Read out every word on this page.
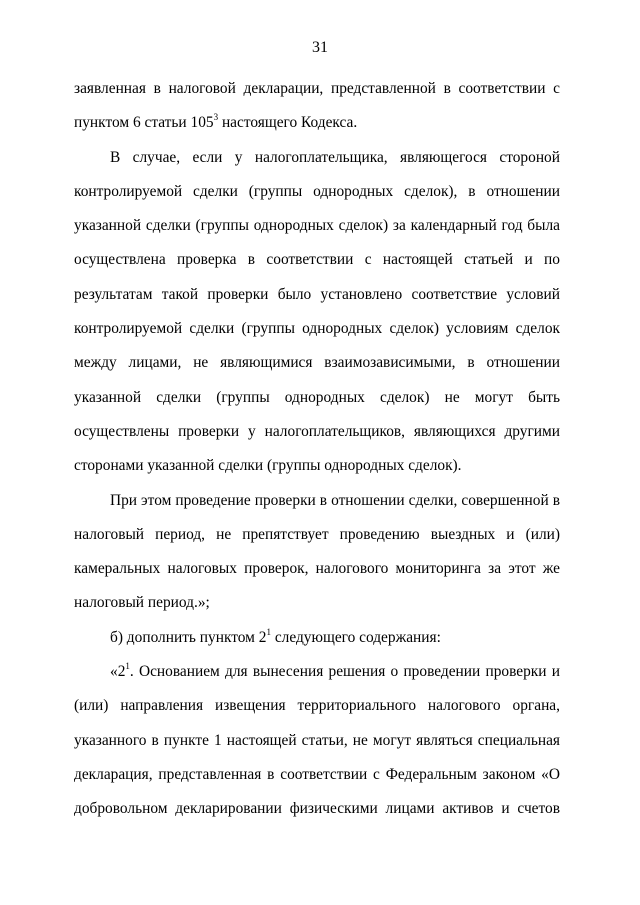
31
заявленная в налоговой декларации, представленной в соответствии с
пунктом 6 статьи $105^3$ настоящего Кодекса.
В случае, если у налогоплательщика, являющегося стороной
контролируемой сделки (группы однородных сделок), в отношении
указанной сделки (группы однородных сделок) за календарный год была
осуществлена проверка в соответствии с настоящей статьей и по
результатам такой проверки было установлено соответствие условий
контролируемой сделки (группы однородных сделок) условиям сделок
между лицами, не являющимися взаимозависимыми, в отношении
указанной сделки (группы однородных сделок) не могут быть
осуществлены проверки у налогоплательщиков, являющихся другими
сторонами указанной сделки (группы однородных сделок).
При этом проведение проверки в отношении сделки, совершенной в
налоговый период, не препятствует проведению выездных и (или)
камеральных налоговых проверок, налогового мониторинга за этот же
налоговый период.»;
б) дополнить пунктом $2^1$ следующего содержания:
«$2^1$. Основанием для вынесения решения о проведении проверки и
(или) направления извещения территориального налогового органа,
указанного в пункте 1 настоящей статьи, не могут являться специальная
декларация, представленная в соответствии с Федеральным законом «О
добровольном декларировании физическими лицами активов и счетов
